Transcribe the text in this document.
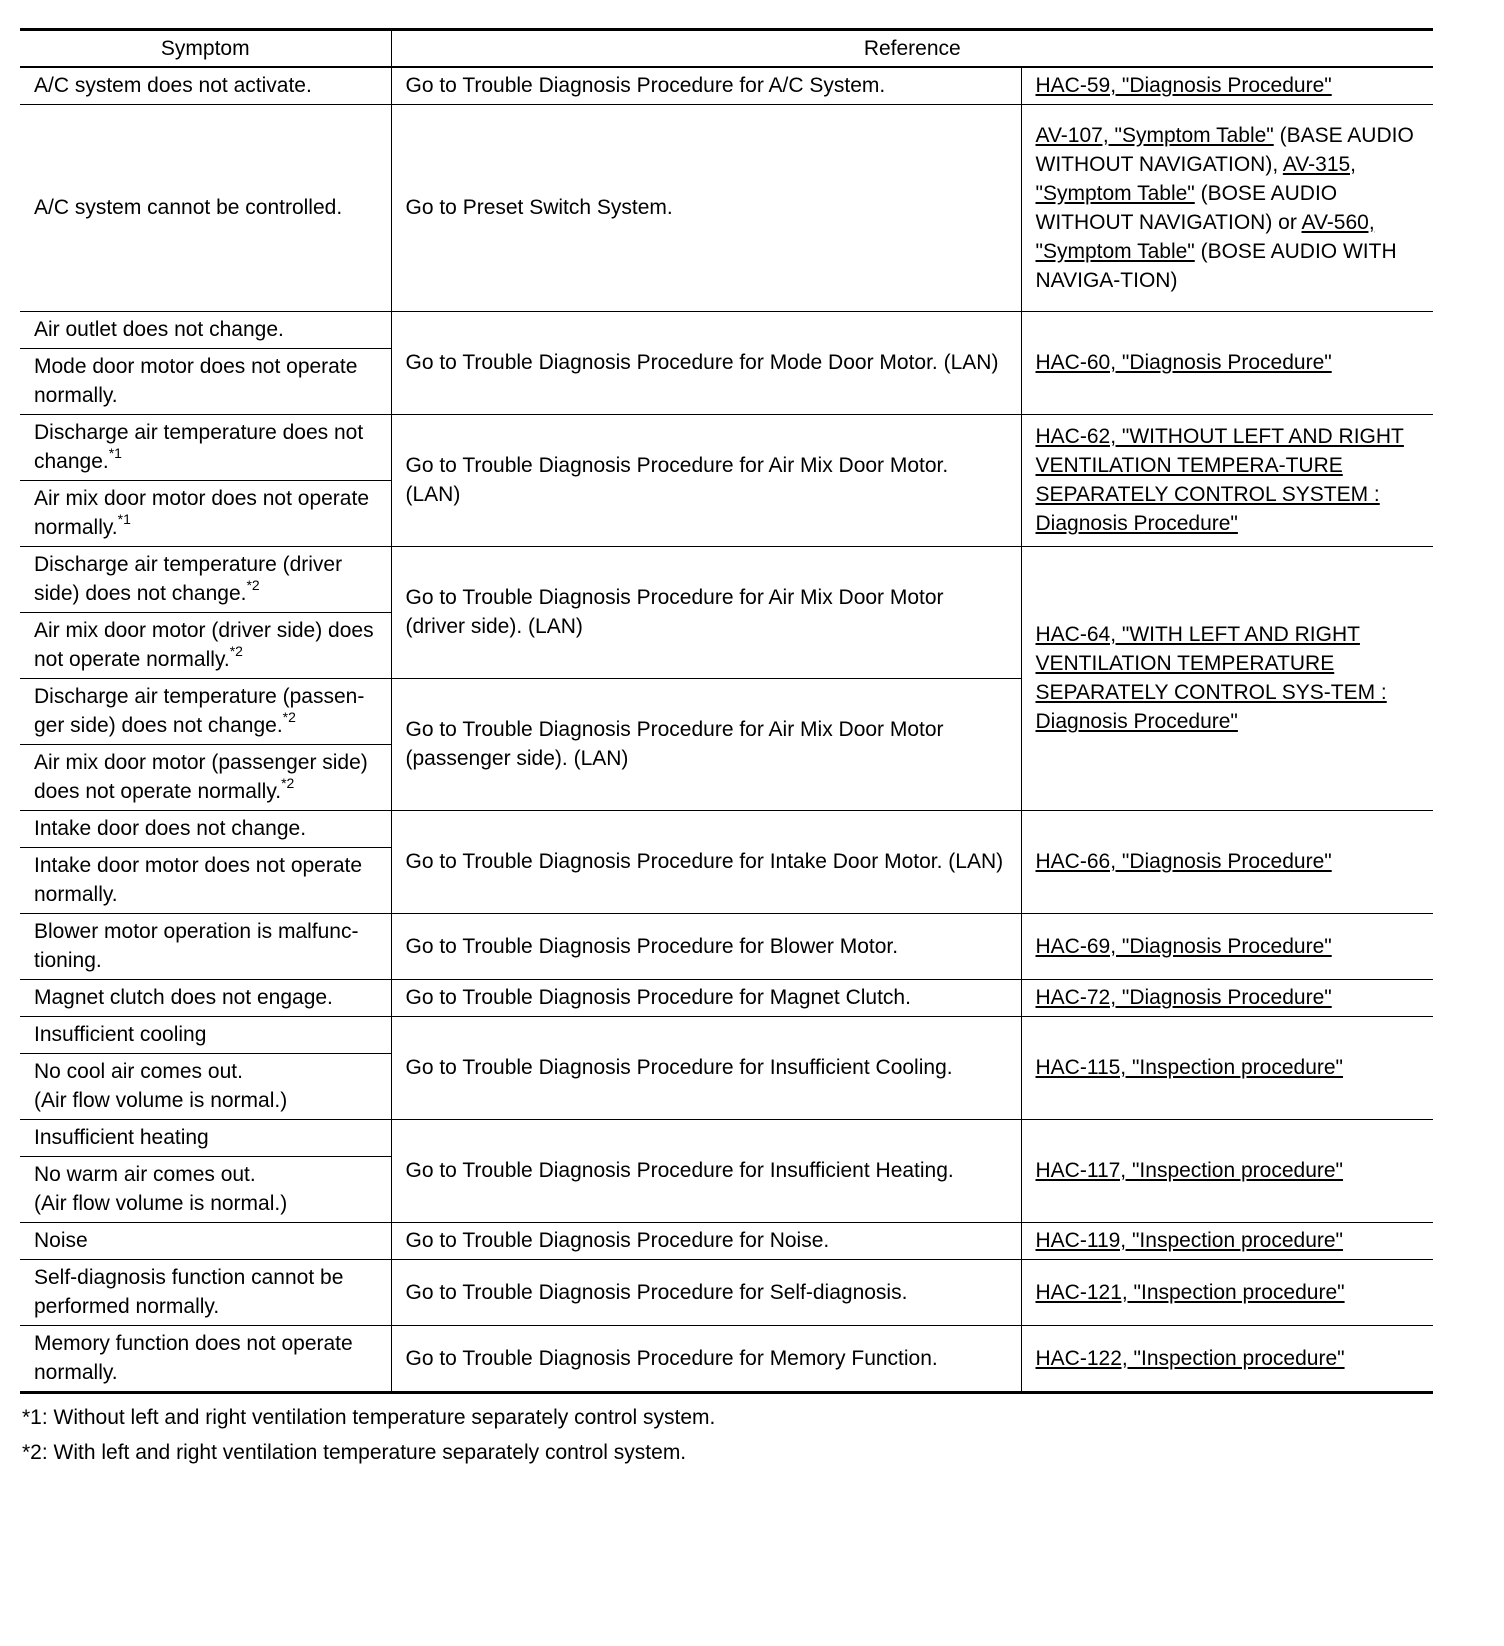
Symptom	Reference	
A/C system does not activate.	Go to Trouble Diagnosis Procedure for A/C System.	HAC-59, "Diagnosis Procedure"
A/C system cannot be controlled.	Go to Preset Switch System.	AV-107, "Symptom Table" (BASE AUDIO WITHOUT NAVIGATION), AV-315, "Symptom Table" (BOSE AUDIO WITHOUT NAVIGATION) or AV-560, "Symptom Table" (BOSE AUDIO WITH NAVIGA-TION)
Air outlet does not change.	Go to Trouble Diagnosis Procedure for Mode Door Motor. (LAN)	HAC-60, "Diagnosis Procedure"
Mode door motor does not operate normally.		
Discharge air temperature does not change.$^{*1}$	Go to Trouble Diagnosis Procedure for Air Mix Door Motor. (LAN)	HAC-62, "WITHOUT LEFT AND RIGHT VENTILATION TEMPERA-TURE SEPARATELY CONTROL SYSTEM : Diagnosis Procedure"
Air mix door motor does not operate normally.$^{*1}$
Discharge air temperature (driver side) does not change.$^{*2}$	Go to Trouble Diagnosis Procedure for Air Mix Door Motor (driver side). (LAN)	HAC-64, "WITH LEFT AND RIGHT VENTILATION TEMPERATURE SEPARATELY CONTROL SYS-TEM : Diagnosis Procedure"
Air mix door motor (driver side) does not operate normally.$^{*2}$
Discharge air temperature (passen-ger side) does not change.$^{*2}$	Go to Trouble Diagnosis Procedure for Air Mix Door Motor (passenger side). (LAN)	
Air mix door motor (passenger side) does not operate normally.$^{*2}$
Intake door does not change.	Go to Trouble Diagnosis Procedure for Intake Door Motor. (LAN)	HAC-66, "Diagnosis Procedure"
Intake door motor does not operate normally.		
Blower motor operation is malfunc-tioning.	Go to Trouble Diagnosis Procedure for Blower Motor.	HAC-69, "Diagnosis Procedure"
Magnet clutch does not engage.	Go to Trouble Diagnosis Procedure for Magnet Clutch.	HAC-72, "Diagnosis Procedure"
Insufficient cooling	Go to Trouble Diagnosis Procedure for Insufficient Cooling.	HAC-115, "Inspection procedure"
No cool air comes out.
(Air flow volume is normal.)		
Insufficient heating	Go to Trouble Diagnosis Procedure for Insufficient Heating.	HAC-117, "Inspection procedure"
No warm air comes out.
(Air flow volume is normal.)		
Noise	Go to Trouble Diagnosis Procedure for Noise.	HAC-119, "Inspection procedure"
Self-diagnosis function cannot be performed normally.	Go to Trouble Diagnosis Procedure for Self-diagnosis.	HAC-121, "Inspection procedure"
Memory function does not operate normally.	Go to Trouble Diagnosis Procedure for Memory Function.	HAC-122, "Inspection procedure"
*1: Without left and right ventilation temperature separately control system.
*2: With left and right ventilation temperature separately control system.
